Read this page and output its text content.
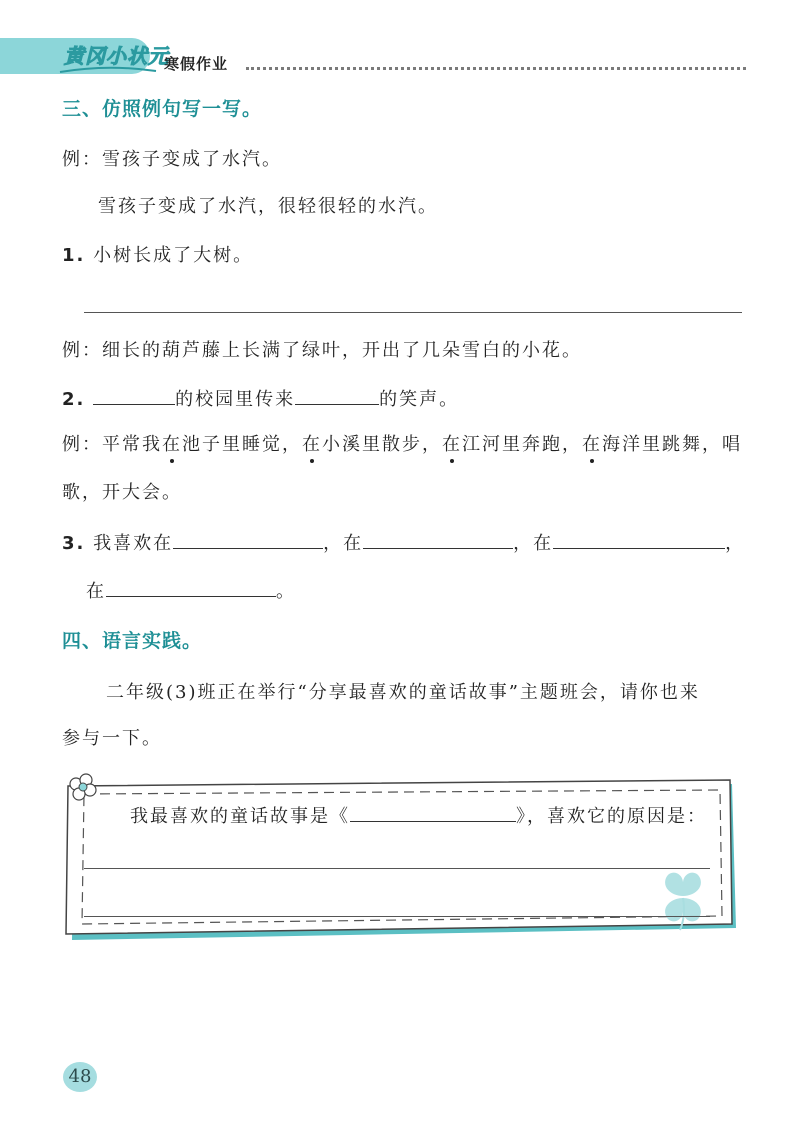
黄冈小状元
寒假作业
三、仿照例句写一写。
例：雪孩子变成了水汽。
雪孩子变成了水汽，很轻很轻的水汽。
1. 小树长成了大树。
例：细长的葫芦藤上长满了绿叶，开出了几朵雪白的小花。
2.	的校园里传来	的笑声。
例：平常我在池子里睡觉，在小溪里散步，在江河里奔跑，在海洋里跳舞，唱
歌，开大会。
3. 我喜欢在	，在	，在	，
在	。
四、语言实践。
二年级(3)班正在举行“分享最喜欢的童话故事”主题班会，请你也来
参与一下。
我最喜欢的童话故事是《	》，喜欢它的原因是：
48
